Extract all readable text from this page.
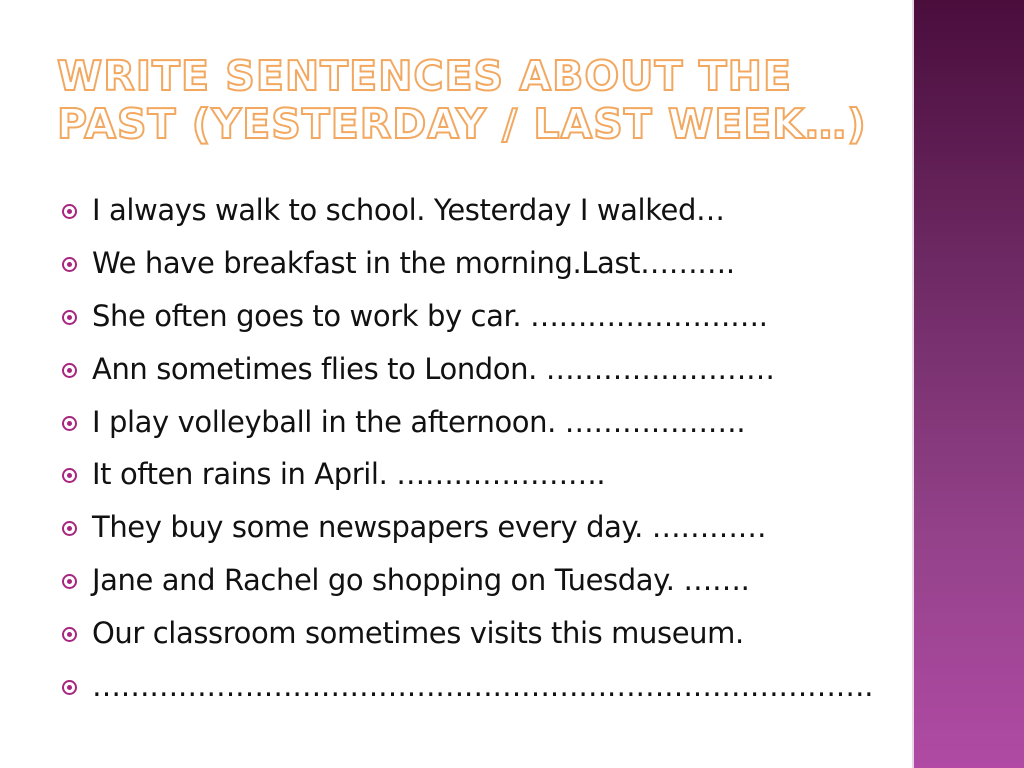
WRITE SENTENCES ABOUT THE
PAST (YESTERDAY / LAST WEEK…)
I always walk to school. Yesterday I walked…
We have breakfast in the morning.Last……….
She often goes to work by car. …………………….
Ann sometimes flies to London. ……………………
I play volleyball in the afternoon. ……………….
It often rains in April. ………………….
They buy some newspapers every day. …………
Jane and Rachel go shopping on Tuesday. …….
Our classroom sometimes visits this museum.
……………………………………………………………………….
